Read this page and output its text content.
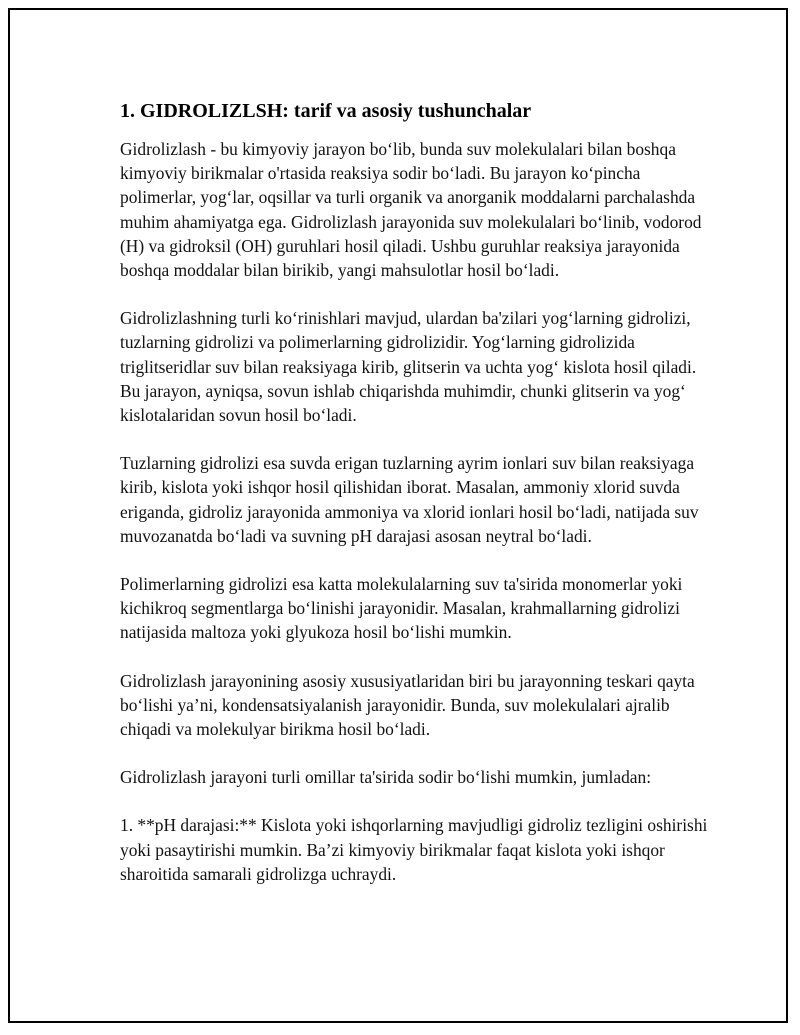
1. GIDROLIZLSH: tarif va asosiy tushunchalar

Gidrolizlash - bu kimyoviy jarayon bo‘lib, bunda suv molekulalari bilan boshqa kimyoviy birikmalar o'rtasida reaksiya sodir bo‘ladi. Bu jarayon ko‘pincha polimerlar, yog‘lar, oqsillar va turli organik va anorganik moddalarni parchalashda muhim ahamiyatga ega. Gidrolizlash jarayonida suv molekulalari bo‘linib, vodorod (H) va gidroksil (OH) guruhlari hosil qiladi. Ushbu guruhlar reaksiya jarayonida boshqa moddalar bilan birikib, yangi mahsulotlar hosil bo‘ladi.

Gidrolizlashning turli ko‘rinishlari mavjud, ulardan ba'zilari yog‘larning gidrolizi, tuzlarning gidrolizi va polimerlarning gidrolizidir. Yog‘larning gidrolizida triglitseridlar suv bilan reaksiyaga kirib, glitserin va uchta yog‘ kislota hosil qiladi. Bu jarayon, ayniqsa, sovun ishlab chiqarishda muhimdir, chunki glitserin va yog‘ kislotalaridan sovun hosil bo‘ladi.

Tuzlarning gidrolizi esa suvda erigan tuzlarning ayrim ionlari suv bilan reaksiyaga kirib, kislota yoki ishqor hosil qilishidan iborat. Masalan, ammoniy xlorid suvda eriganda, gidroliz jarayonida ammoniya va xlorid ionlari hosil bo‘ladi, natijada suv muvozanatda bo‘ladi va suvning pH darajasi asosan neytral bo‘ladi.

Polimerlarning gidrolizi esa katta molekulalarning suv ta'sirida monomerlar yoki kichikroq segmentlarga bo‘linishi jarayonidir. Masalan, krahmallarning gidrolizi natijasida maltoza yoki glyukoza hosil bo‘lishi mumkin.

Gidrolizlash jarayonining asosiy xususiyatlaridan biri bu jarayonning teskari qayta bo‘lishi ya’ni, kondensatsiyalanish jarayonidir. Bunda, suv molekulalari ajralib chiqadi va molekulyar birikma hosil bo‘ladi.

Gidrolizlash jarayoni turli omillar ta'sirida sodir bo‘lishi mumkin, jumladan:

1. **pH darajasi:** Kislota yoki ishqorlarning mavjudligi gidroliz tezligini oshirishi yoki pasaytirishi mumkin. Ba’zi kimyoviy birikmalar faqat kislota yoki ishqor sharoitida samarali gidrolizga uchraydi.
